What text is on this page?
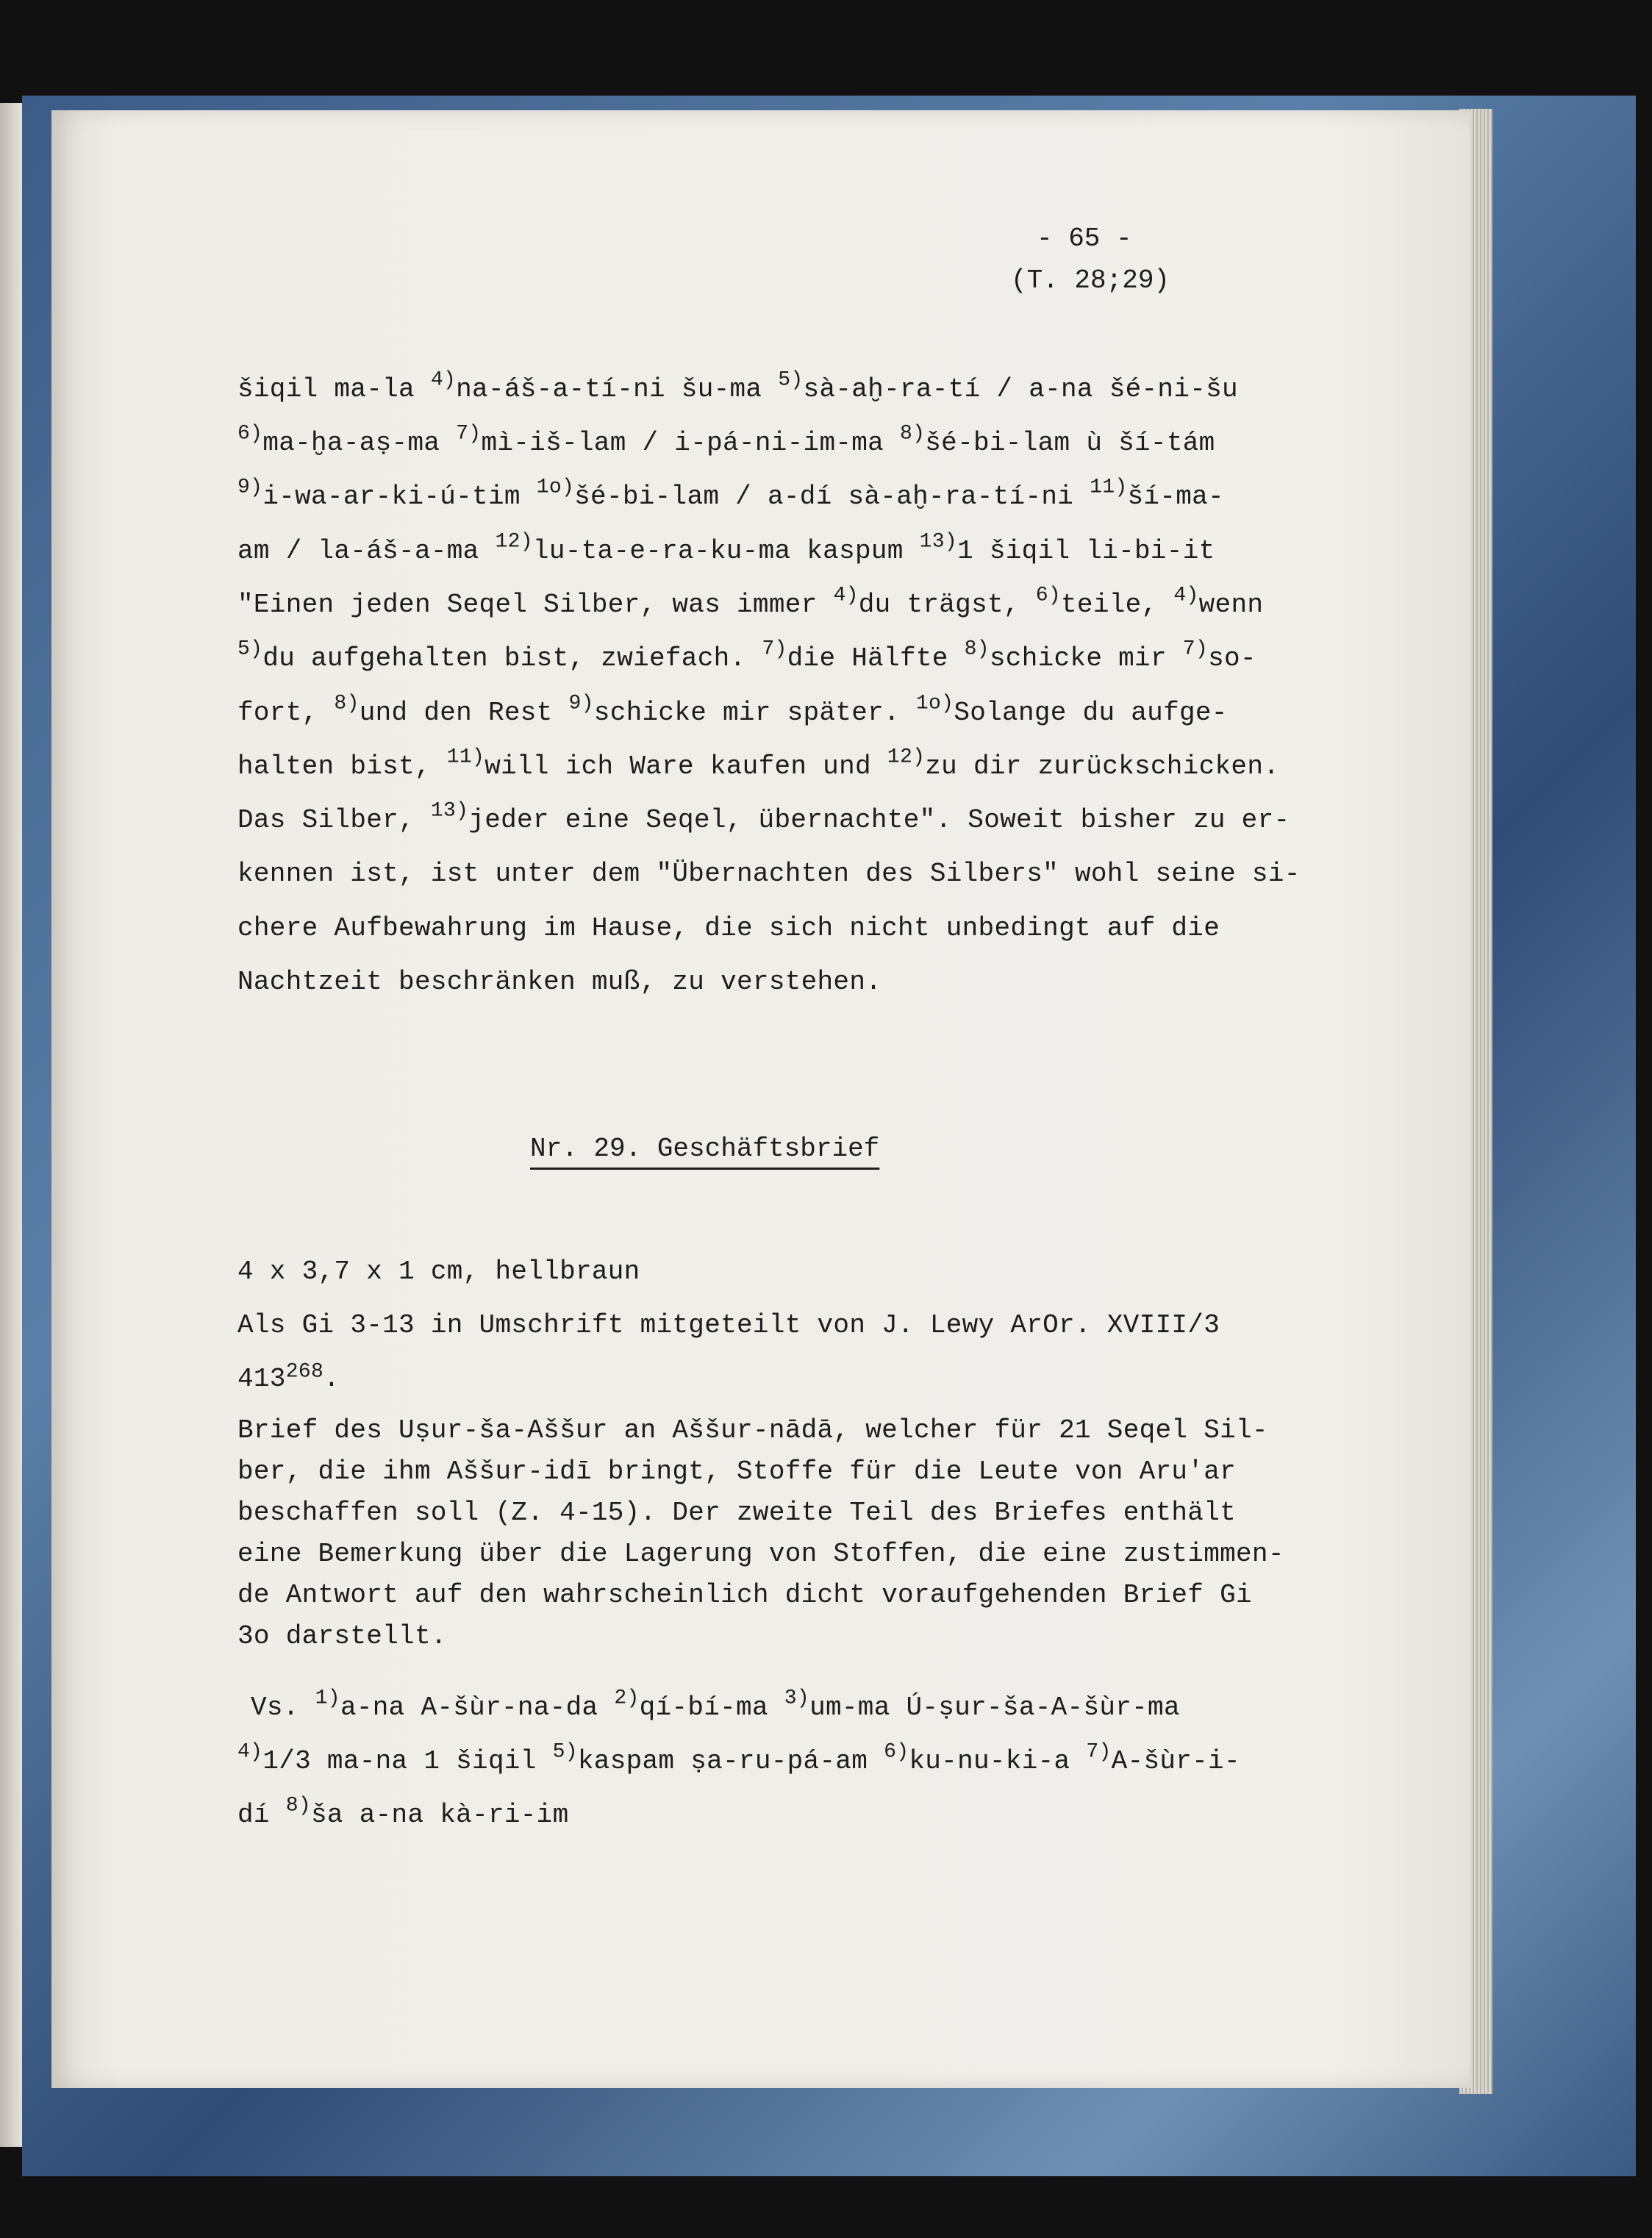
- 65 -

(T. 28;29)

šiqil ma-la $^{4)}$na-áš-a-tí-ni šu-ma $^{5)}$sà-aḫ-ra-tí / a-na šé-ni-šu

$^{6)}$ma-ḫa-aṣ-ma $^{7)}$mì-iš-lam / i-pá-ni-im-ma $^{8)}$šé-bi-lam ù ší-tám

$^{9)}$i-wa-ar-ki-ú-tim $^{1o)}$šé-bi-lam / a-dí sà-aḫ-ra-tí-ni $^{11)}$ší-ma-

am / la-áš-a-ma $^{12)}$lu-ta-e-ra-ku-ma kaspum $^{13)}$1 šiqil li-bi-it

"Einen jeden Seqel Silber, was immer $^{4)}$du trägst, $^{6)}$teile, $^{4)}$wenn

$^{5)}$du aufgehalten bist, zwiefach. $^{7)}$die Hälfte $^{8)}$schicke mir $^{7)}$so-

fort, $^{8)}$und den Rest $^{9)}$schicke mir später. $^{1o)}$Solange du aufge-

halten bist, $^{11)}$will ich Ware kaufen und $^{12)}$zu dir zurückschicken.

Das Silber, $^{13)}$jeder eine Seqel, übernachte". Soweit bisher zu er-

kennen ist, ist unter dem "Übernachten des Silbers" wohl seine si-

chere Aufbewahrung im Hause, die sich nicht unbedingt auf die

Nachtzeit beschränken muß, zu verstehen.

Nr. 29. Geschäftsbrief

4 x 3,7 x 1 cm, hellbraun

Als Gi 3-13 in Umschrift mitgeteilt von J. Lewy ArOr. XVIII/3

$413^{268}$.

Brief des Uṣur-ša-Aššur an Aššur-nādā, welcher für 21 Seqel Sil-

ber, die ihm Aššur-idī bringt, Stoffe für die Leute von Aru'ar

beschaffen soll (Z. 4-15). Der zweite Teil des Briefes enthält

eine Bemerkung über die Lagerung von Stoffen, die eine zustimmen-

de Antwort auf den wahrscheinlich dicht voraufgehenden Brief Gi

3o darstellt.

Vs. $^{1)}$a-na A-šùr-na-da $^{2)}$qí-bí-ma $^{3)}$um-ma Ú-ṣur-ša-A-šùr-ma

$^{4)}$1/3 ma-na 1 šiqil $^{5)}$kaspam ṣa-ru-pá-am $^{6)}$ku-nu-ki-a $^{7)}$A-šùr-i-

dí $^{8)}$ša a-na kà-ri-im
